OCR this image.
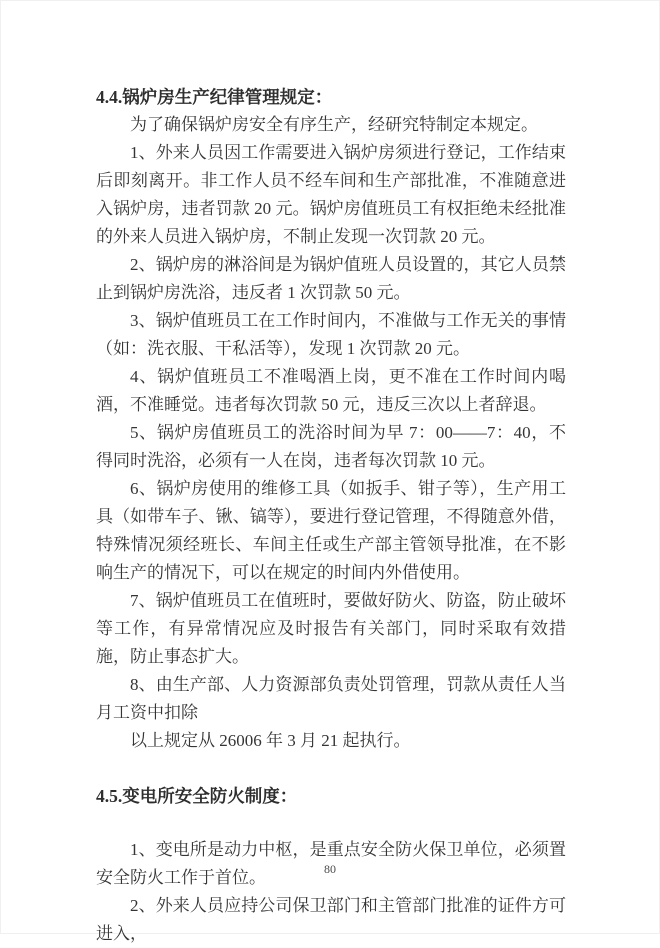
4.4.锅炉房生产纪律管理规定：

为了确保锅炉房安全有序生产，经研究特制定本规定。

1、外来人员因工作需要进入锅炉房须进行登记，工作结束后即刻离开。非工作人员不经车间和生产部批准，不准随意进入锅炉房，违者罚款 20 元。锅炉房值班员工有权拒绝未经批准的外来人员进入锅炉房，不制止发现一次罚款 20 元。

2、锅炉房的淋浴间是为锅炉值班人员设置的，其它人员禁止到锅炉房洗浴，违反者 1 次罚款 50 元。

3、锅炉值班员工在工作时间内，不准做与工作无关的事情（如：洗衣服、干私活等），发现 1 次罚款 20 元。

4、锅炉值班员工不准喝酒上岗，更不准在工作时间内喝酒，不准睡觉。违者每次罚款 50 元，违反三次以上者辞退。

5、锅炉房值班员工的洗浴时间为早 7：00——7：40，不得同时洗浴，必须有一人在岗，违者每次罚款 10 元。

6、锅炉房使用的维修工具（如扳手、钳子等），生产用工具（如带车子、锹、镐等），要进行登记管理，不得随意外借，特殊情况须经班长、车间主任或生产部主管领导批准，在不影响生产的情况下，可以在规定的时间内外借使用。

7、锅炉值班员工在值班时，要做好防火、防盗，防止破坏等工作，有异常情况应及时报告有关部门，同时采取有效措施，防止事态扩大。

8、由生产部、人力资源部负责处罚管理，罚款从责任人当月工资中扣除

以上规定从 26006 年 3 月 21 起执行。

4.5.变电所安全防火制度：

1、变电所是动力中枢，是重点安全防火保卫单位，必须置安全防火工作于首位。

2、外来人员应持公司保卫部门和主管部门批准的证件方可进入，

80
